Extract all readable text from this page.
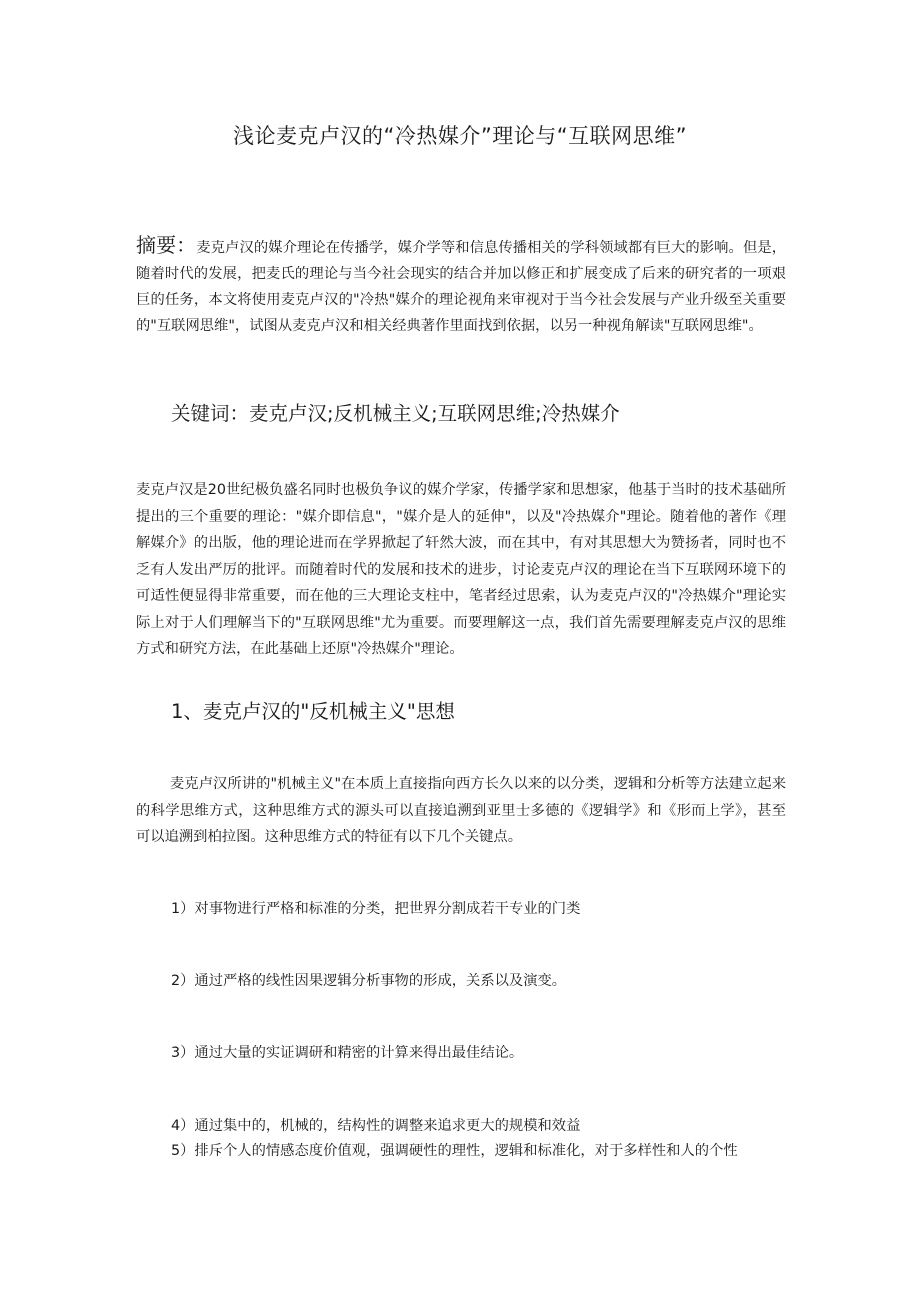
浅论麦克卢汉的“冷热媒介”理论与“互联网思维”
摘要：麦克卢汉的媒介理论在传播学，媒介学等和信息传播相关的学科领域都有巨大的影响。但是，随着时代的发展，把麦氏的理论与当今社会现实的结合并加以修正和扩展变成了后来的研究者的一项艰巨的任务，本文将使用麦克卢汉的"冷热"媒介的理论视角来审视对于当今社会发展与产业升级至关重要的"互联网思维"，试图从麦克卢汉和相关经典著作里面找到依据，以另一种视角解读"互联网思维"。
关键词：麦克卢汉;反机械主义;互联网思维;冷热媒介
麦克卢汉是20世纪极负盛名同时也极负争议的媒介学家，传播学家和思想家，他基于当时的技术基础所提出的三个重要的理论："媒介即信息"，"媒介是人的延伸"，以及"冷热媒介"理论。随着他的著作《理解媒介》的出版，他的理论进而在学界掀起了轩然大波，而在其中，有对其思想大为赞扬者，同时也不乏有人发出严厉的批评。而随着时代的发展和技术的进步，讨论麦克卢汉的理论在当下互联网环境下的可适性便显得非常重要，而在他的三大理论支柱中，笔者经过思索，认为麦克卢汉的"冷热媒介"理论实际上对于人们理解当下的"互联网思维"尤为重要。而要理解这一点，我们首先需要理解麦克卢汉的思维方式和研究方法，在此基础上还原"冷热媒介"理论。
1、麦克卢汉的"反机械主义"思想
麦克卢汉所讲的"机械主义"在本质上直接指向西方长久以来的以分类，逻辑和分析等方法建立起来的科学思维方式，这种思维方式的源头可以直接追溯到亚里士多德的《逻辑学》和《形而上学》，甚至可以追溯到柏拉图。这种思维方式的特征有以下几个关键点。
1）对事物进行严格和标准的分类，把世界分割成若干专业的门类
2）通过严格的线性因果逻辑分析事物的形成，关系以及演变。
3）通过大量的实证调研和精密的计算来得出最佳结论。
4）通过集中的，机械的，结构性的调整来追求更大的规模和效益
5）排斥个人的情感态度价值观，强调硬性的理性，逻辑和标准化，对于多样性和人的个性
